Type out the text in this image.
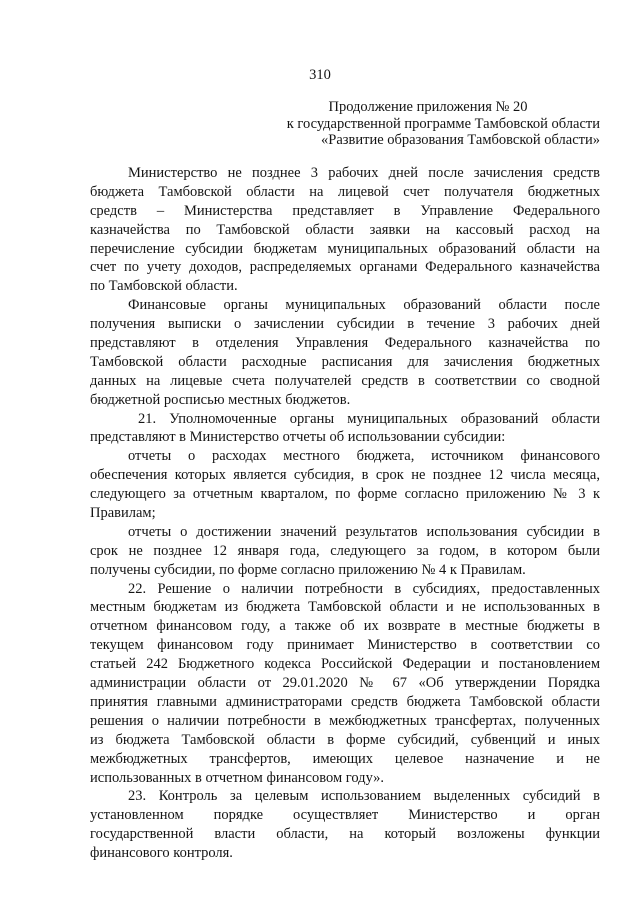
310
Продолжение приложения № 20
к государственной программе Тамбовской области
«Развитие образования Тамбовской области»
Министерство не позднее 3 рабочих дней после зачисления средств
бюджета Тамбовской области на лицевой счет получателя бюджетных
средств – Министерства представляет в Управление Федерального
казначейства по Тамбовской области заявки на кассовый расход на
перечисление субсидии бюджетам муниципальных образований области на
счет по учету доходов, распределяемых органами Федерального казначейства
по Тамбовской области.
Финансовые органы муниципальных образований области после
получения выписки о зачислении субсидии в течение 3 рабочих дней
представляют в отделения Управления Федерального казначейства по
Тамбовской области расходные расписания для зачисления бюджетных
данных на лицевые счета получателей средств в соответствии со сводной
бюджетной росписью местных бюджетов.
21. Уполномоченные органы муниципальных образований области
представляют в Министерство отчеты об использовании субсидии:
отчеты о расходах местного бюджета, источником финансового
обеспечения которых является субсидия, в срок не позднее 12 числа месяца,
следующего за отчетным кварталом, по форме согласно приложению № 3 к
Правилам;
отчеты о достижении значений результатов использования субсидии в
срок не позднее 12 января года, следующего за годом, в котором были
получены субсидии, по форме согласно приложению № 4 к Правилам.
22. Решение о наличии потребности в субсидиях, предоставленных
местным бюджетам из бюджета Тамбовской области и не использованных в
отчетном финансовом году, а также об их возврате в местные бюджеты в
текущем финансовом году принимает Министерство в соответствии со
статьей 242 Бюджетного кодекса Российской Федерации и постановлением
администрации области от 29.01.2020 № 67 «Об утверждении Порядка
принятия главными администраторами средств бюджета Тамбовской области
решения о наличии потребности в межбюджетных трансфертах, полученных
из бюджета Тамбовской области в форме субсидий, субвенций и иных
межбюджетных трансфертов, имеющих целевое назначение и не
использованных в отчетном финансовом году».
23. Контроль за целевым использованием выделенных субсидий в
установленном порядке осуществляет Министерство и орган
государственной власти области, на который возложены функции
финансового контроля.
